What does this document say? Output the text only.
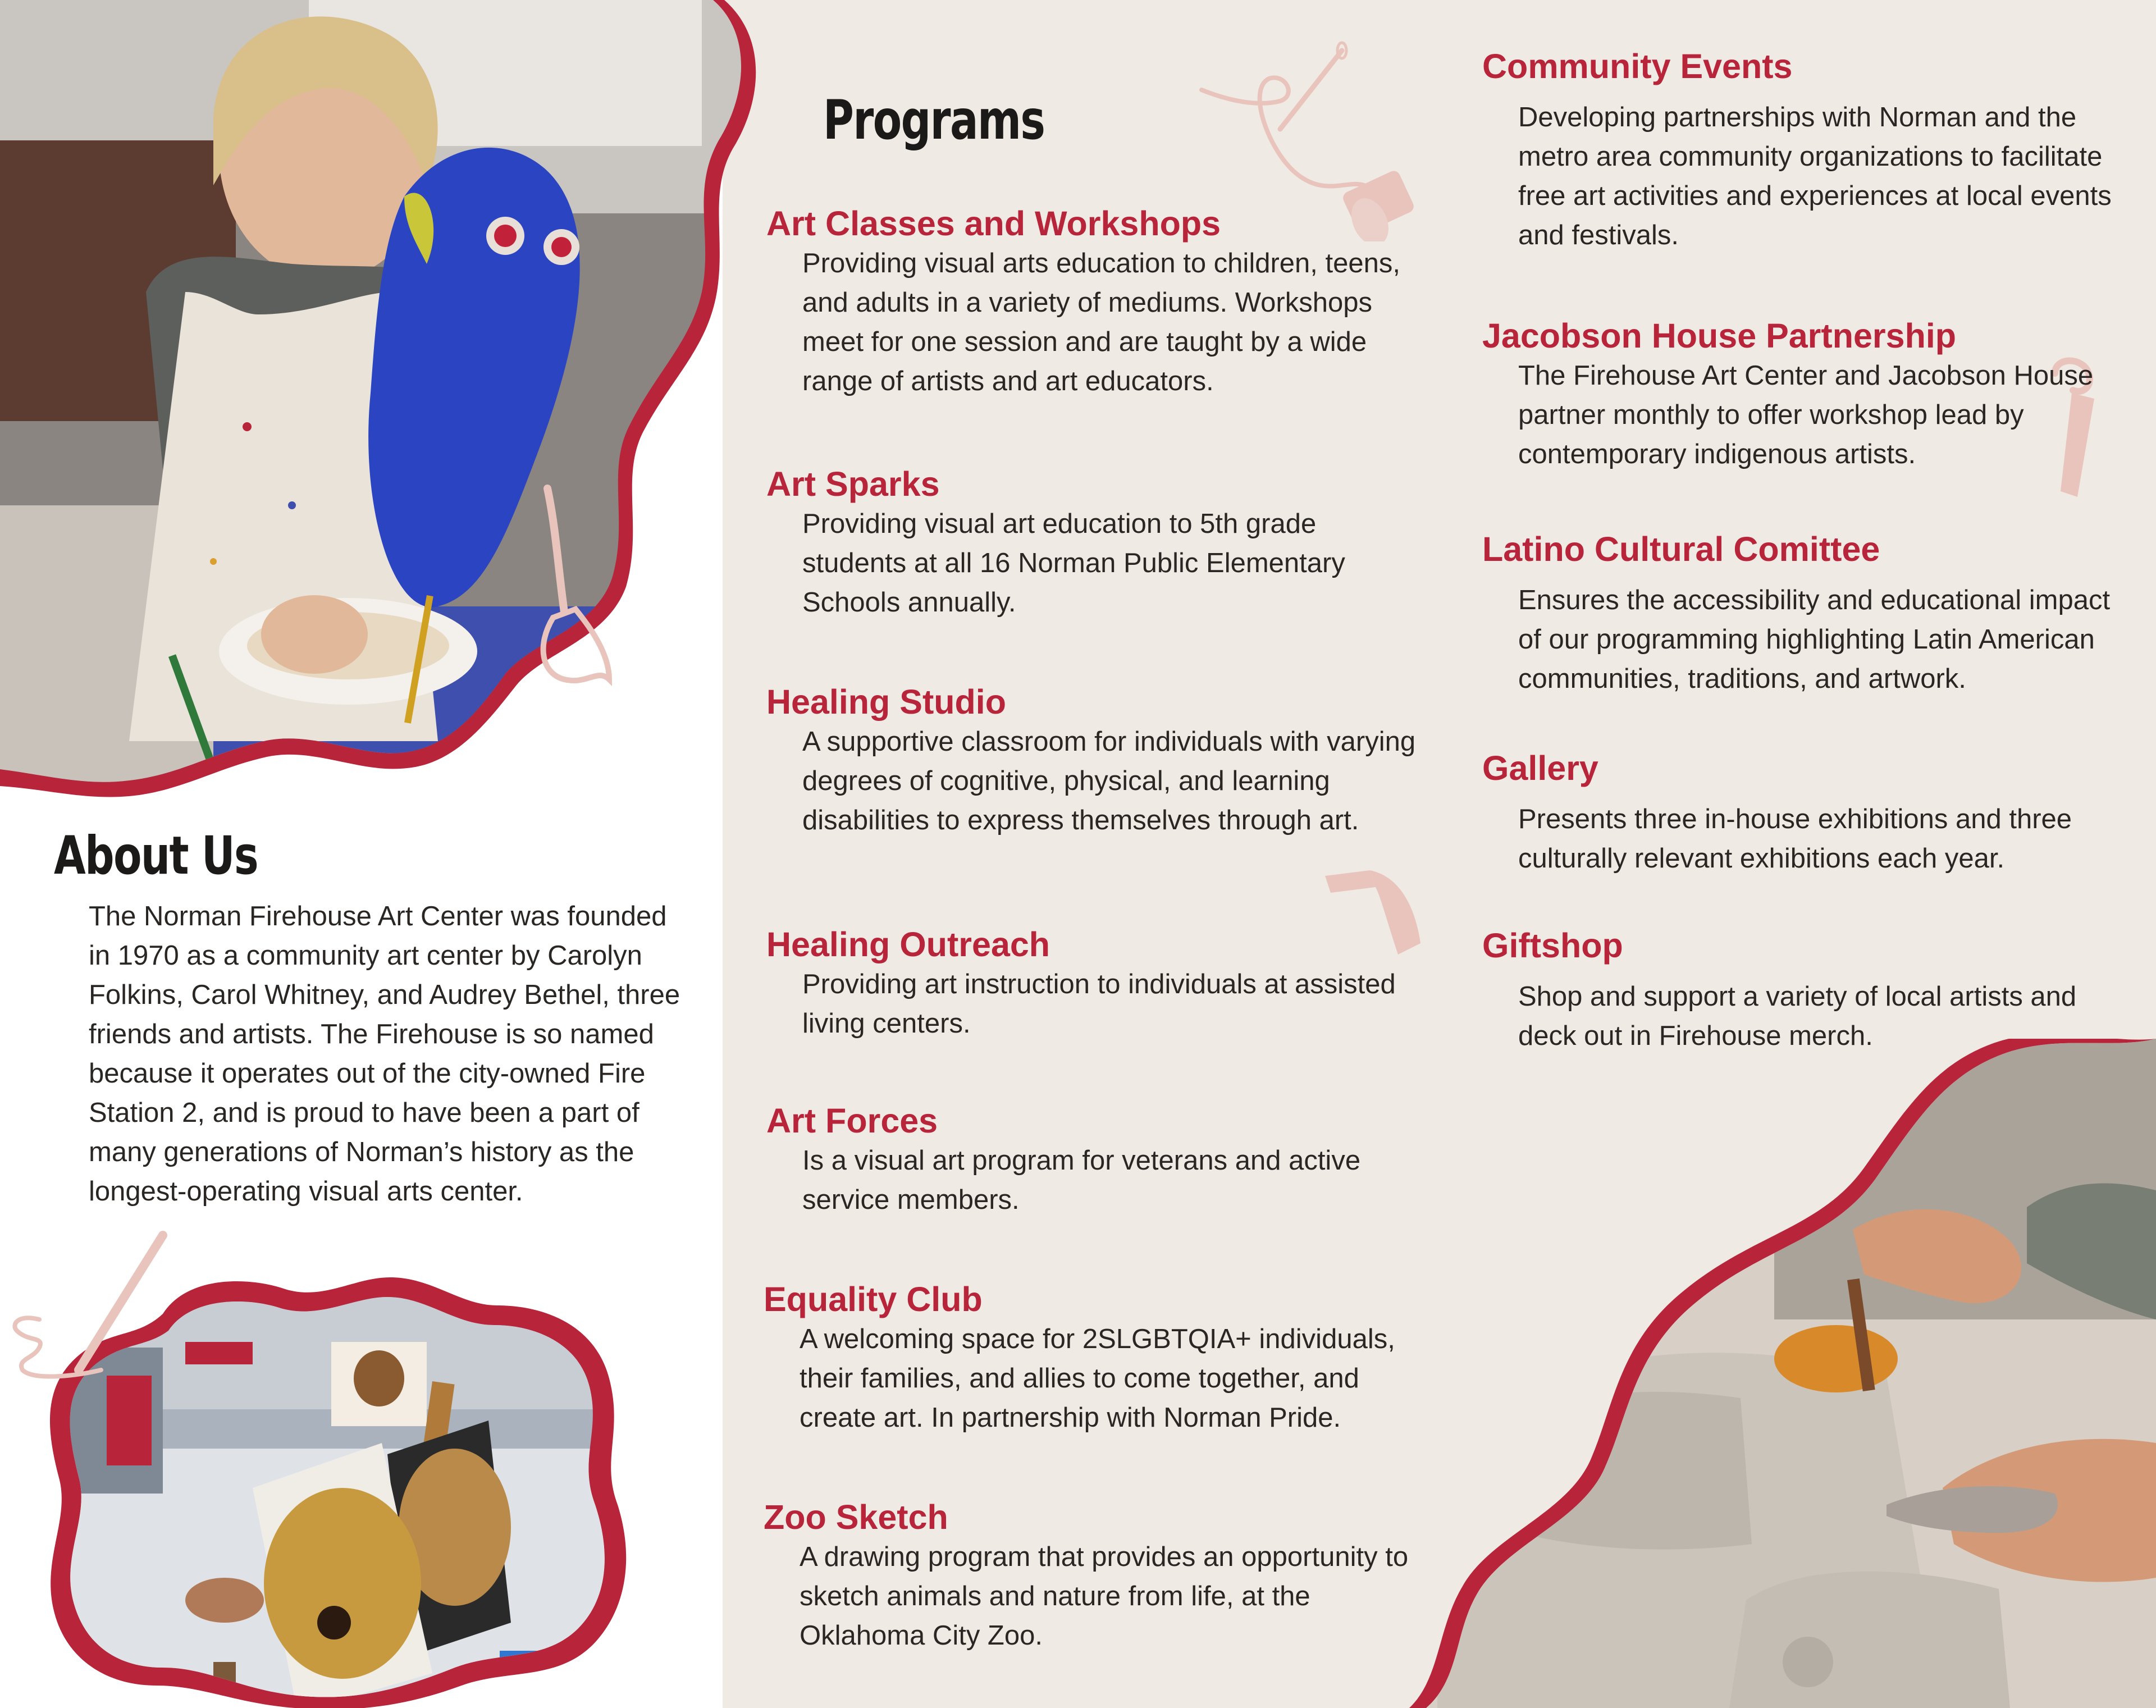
About Us

The Norman Firehouse Art Center was founded in 1970 as a community art center by Carolyn Folkins, Carol Whitney, and Audrey Bethel, three friends and artists. The Firehouse is so named because it operates out of the city-owned Fire Station 2, and is proud to have been a part of many generations of Norman’s history as the longest-operating visual arts center.

Programs
Art Classes and Workshops

Providing visual arts education to children, teens, and adults in a variety of mediums. Workshops meet for one session and are taught by a wide range of artists and art educators.

Art Sparks

Providing visual art education to 5th grade students at all 16 Norman Public Elementary Schools annually.

Healing Studio

A supportive classroom for individuals with varying degrees of cognitive, physical, and learning disabilities to express themselves through art.

Healing Outreach

Providing art instruction to individuals at assisted living centers.

Art Forces

Is a visual art program for veterans and active service members.

Equality Club

A welcoming space for 2SLGBTQIA+ individuals, their families, and allies to come together, and create art. In partnership with Norman Pride.

Zoo Sketch

A drawing program that provides an opportunity to sketch animals and nature from life, at the Oklahoma City Zoo.

Community Events

Developing partnerships with Norman and the metro area community organizations to facilitate free art activities and experiences at local events and festivals.

Jacobson House Partnership

The Firehouse Art Center and Jacobson House partner monthly to offer workshop lead by contemporary indigenous artists.

Latino Cultural Comittee

Ensures the accessibility and educational impact of our programming highlighting Latin American communities, traditions, and artwork.

Gallery

Presents three in-house exhibitions and three culturally relevant exhibitions each year.

Giftshop

Shop and support a variety of local artists and deck out in Firehouse merch.
